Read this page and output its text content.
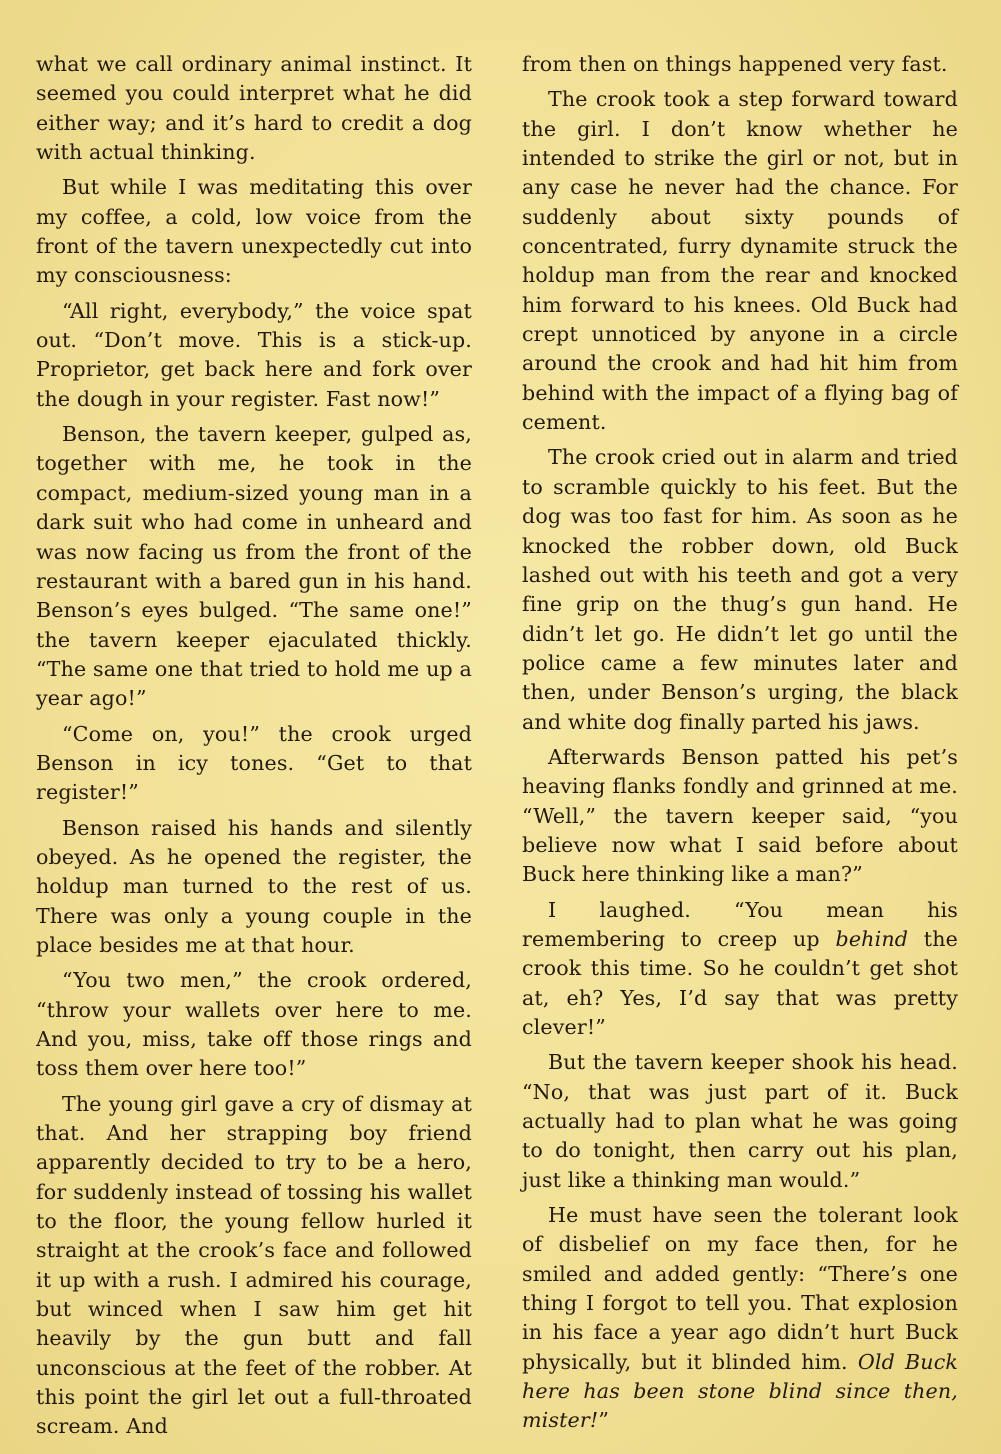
what we call ordinary animal instinct. It seemed you could interpret what he did either way; and it’s hard to credit a dog with actual thinking.

But while I was meditating this over my coffee, a cold, low voice from the front of the tavern unexpectedly cut into my consciousness:

“All right, everybody,” the voice spat out. “Don’t move. This is a stick-up. Proprietor, get back here and fork over the dough in your register. Fast now!”

Benson, the tavern keeper, gulped as, together with me, he took in the compact, medium-sized young man in a dark suit who had come in unheard and was now facing us from the front of the restaurant with a bared gun in his hand. Benson’s eyes bulged. “The same one!” the tavern keeper ejaculated thickly. “The same one that tried to hold me up a year ago!”

“Come on, you!” the crook urged Benson in icy tones. “Get to that register!”

Benson raised his hands and silently obeyed. As he opened the register, the holdup man turned to the rest of us. There was only a young couple in the place besides me at that hour.

“You two men,” the crook ordered, “throw your wallets over here to me. And you, miss, take off those rings and toss them over here too!”

The young girl gave a cry of dismay at that. And her strapping boy friend apparently decided to try to be a hero, for suddenly instead of tossing his wallet to the floor, the young fellow hurled it straight at the crook’s face and followed it up with a rush. I admired his courage, but winced when I saw him get hit heavily by the gun butt and fall unconscious at the feet of the robber. At this point the girl let out a full-throated scream. And

from then on things happened very fast.

The crook took a step forward toward the girl. I don’t know whether he intended to strike the girl or not, but in any case he never had the chance. For suddenly about sixty pounds of concentrated, furry dynamite struck the holdup man from the rear and knocked him forward to his knees. Old Buck had crept unnoticed by anyone in a circle around the crook and had hit him from behind with the impact of a flying bag of cement.

The crook cried out in alarm and tried to scramble quickly to his feet. But the dog was too fast for him. As soon as he knocked the robber down, old Buck lashed out with his teeth and got a very fine grip on the thug’s gun hand. He didn’t let go. He didn’t let go until the police came a few minutes later and then, under Benson’s urging, the black and white dog finally parted his jaws.

Afterwards Benson patted his pet’s heaving flanks fondly and grinned at me. “Well,” the tavern keeper said, “you believe now what I said before about Buck here thinking like a man?”

I laughed. “You mean his remembering to creep up behind the crook this time. So he couldn’t get shot at, eh? Yes, I’d say that was pretty clever!”

But the tavern keeper shook his head. “No, that was just part of it. Buck actually had to plan what he was going to do tonight, then carry out his plan, just like a thinking man would.”

He must have seen the tolerant look of disbelief on my face then, for he smiled and added gently: “There’s one thing I forgot to tell you. That explosion in his face a year ago didn’t hurt Buck physically, but it blinded him. Old Buck here has been stone blind since then, mister!”
